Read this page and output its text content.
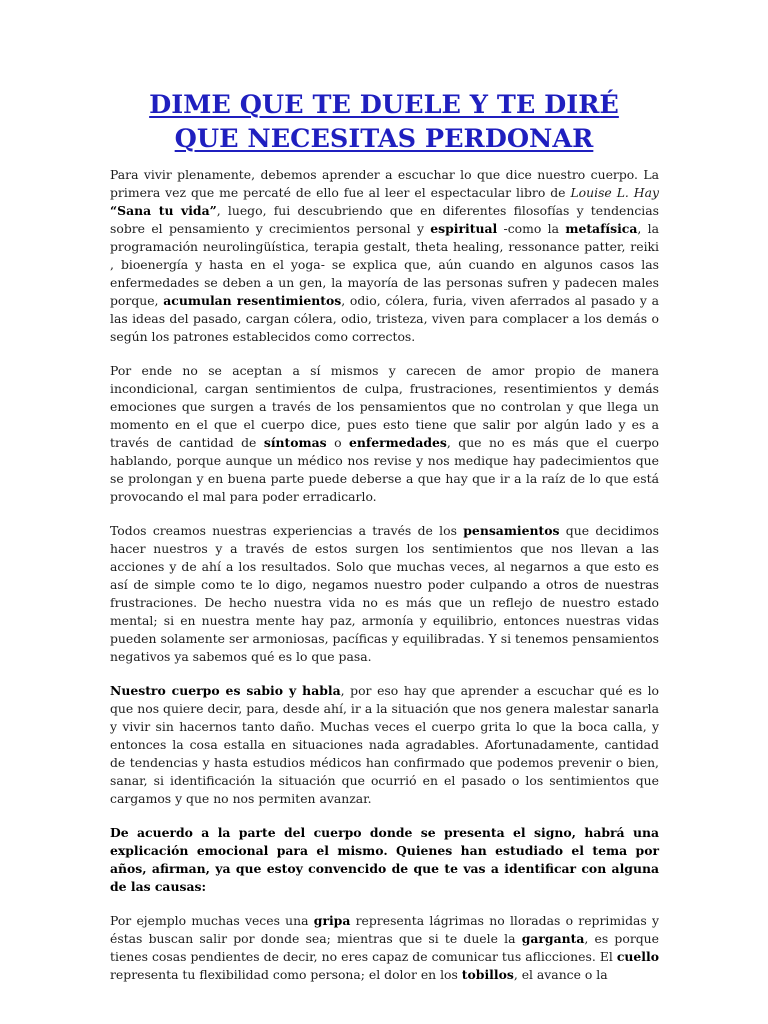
DIME QUE TE DUELE Y TE DIRÉ
QUE NECESITAS PERDONAR

Para vivir plenamente, debemos aprender a escuchar lo que dice nuestro cuerpo. La primera vez que me percaté de ello fue al leer el espectacular libro de Louise L. Hay “Sana tu vida”, luego, fui descubriendo que en diferentes filosofías y tendencias sobre el pensamiento y crecimientos personal y espiritual -como la metafísica, la programación neurolingüística, terapia gestalt, theta healing, ressonance patter, reiki , bioenergía y hasta en el yoga- se explica que, aún cuando en algunos casos las enfermedades se deben a un gen, la mayoría de las personas sufren y padecen males porque, acumulan resentimientos, odio, cólera, furia, viven aferrados al pasado y a las ideas del pasado, cargan cólera, odio, tristeza, viven para complacer a los demás o según los patrones establecidos como correctos.

Por ende no se aceptan a sí mismos y carecen de amor propio de manera incondicional, cargan sentimientos de culpa, frustraciones, resentimientos y demás emociones que surgen a través de los pensamientos que no controlan y que llega un momento en el que el cuerpo dice, pues esto tiene que salir por algún lado y es a través de cantidad de síntomas o enfermedades, que no es más que el cuerpo hablando, porque aunque un médico nos revise y nos medique hay padecimientos que se prolongan y en buena parte puede deberse a que hay que ir a la raíz de lo que está provocando el mal para poder erradicarlo.

Todos creamos nuestras experiencias a través de los pensamientos que decidimos hacer nuestros y a través de estos surgen los sentimientos que nos llevan a las acciones y de ahí a los resultados. Solo que muchas veces, al negarnos a que esto es así de simple como te lo digo, negamos nuestro poder culpando a otros de nuestras frustraciones. De hecho nuestra vida no es más que un reflejo de nuestro estado mental; si en nuestra mente hay paz, armonía y equilibrio, entonces nuestras vidas pueden solamente ser armoniosas, pacíficas y equilibradas. Y si tenemos pensamientos negativos ya sabemos qué es lo que pasa.

Nuestro cuerpo es sabio y habla, por eso hay que aprender a escuchar qué es lo que nos quiere decir, para, desde ahí, ir a la situación que nos genera malestar sanarla y vivir sin hacernos tanto daño. Muchas veces el cuerpo grita lo que la boca calla, y entonces la cosa estalla en situaciones nada agradables. Afortunadamente, cantidad de tendencias y hasta estudios médicos han confirmado que podemos prevenir o bien, sanar, si identificación la situación que ocurrió en el pasado o los sentimientos que cargamos y que no nos permiten avanzar.

De acuerdo a la parte del cuerpo donde se presenta el signo, habrá una explicación emocional para el mismo. Quienes han estudiado el tema por años, afirman, ya que estoy convencido de que te vas a identificar con alguna de las causas:

Por ejemplo muchas veces una gripa representa lágrimas no lloradas o reprimidas y éstas buscan salir por donde sea; mientras que si te duele la garganta, es porque tienes cosas pendientes de decir, no eres capaz de comunicar tus aflicciones. El cuello representa tu flexibilidad como persona; el dolor en los tobillos, el avance o la
